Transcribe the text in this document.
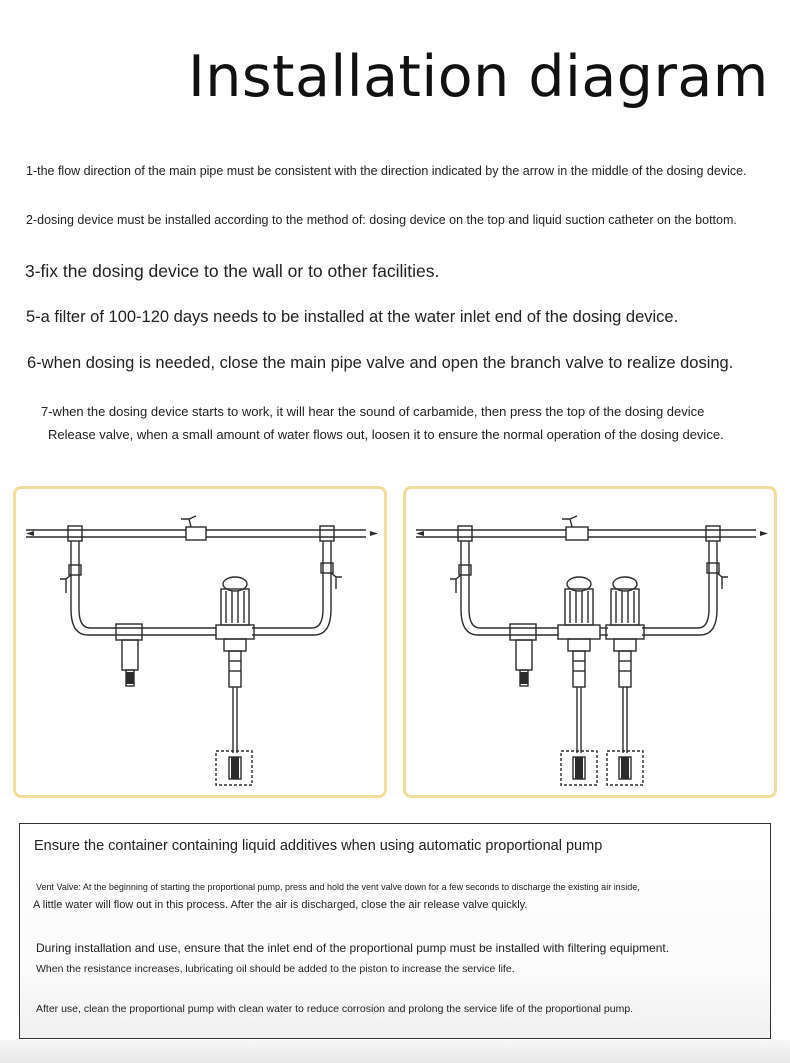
Installation diagram
1-the flow direction of the main pipe must be consistent with the direction indicated by the arrow in the middle of the dosing device.
2-dosing device must be installed according to the method of: dosing device on the top and liquid suction catheter on the bottom.
3-fix the dosing device to the wall or to other facilities.
5-a filter of 100-120 days needs to be installed at the water inlet end of the dosing device.
6-when dosing is needed, close the main pipe valve and open the branch valve to realize dosing.
7-when the dosing device starts to work, it will hear the sound of carbamide, then press the top of the dosing device
Release valve, when a small amount of water flows out, loosen it to ensure the normal operation of the dosing device.
Ensure the container containing liquid additives when using automatic proportional pump
Vent Valve: At the beginning of starting the proportional pump, press and hold the vent valve down for a few seconds to discharge the existing air inside,
A little water will flow out in this process. After the air is discharged, close the air release valve quickly.
During installation and use, ensure that the inlet end of the proportional pump must be installed with filtering equipment.
When the resistance increases, lubricating oil should be added to the piston to increase the service life.
After use, clean the proportional pump with clean water to reduce corrosion and prolong the service life of the proportional pump.
